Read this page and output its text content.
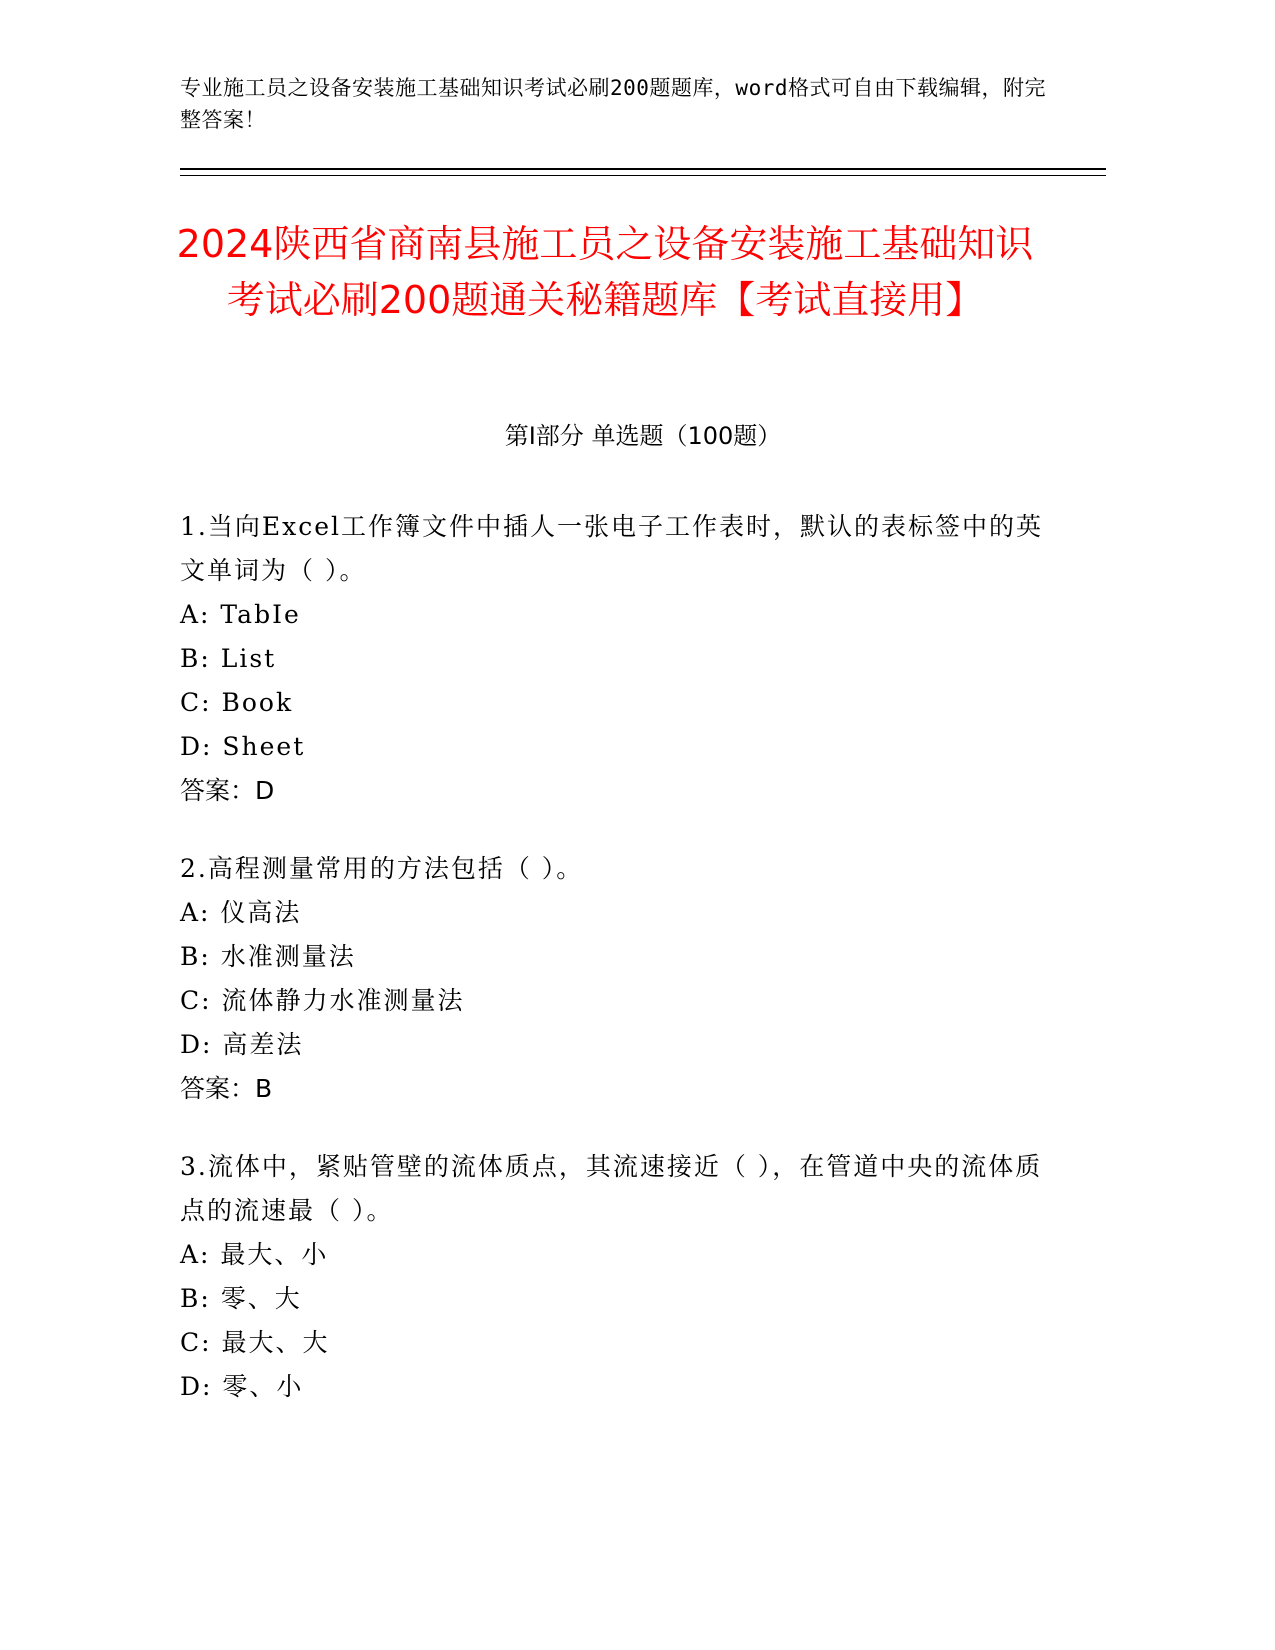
专业施工员之设备安装施工基础知识考试必刷200题题库，word格式可自由下载编辑，附完整答案！
2024陕西省商南县施工员之设备安装施工基础知识考试必刷200题通关秘籍题库【考试直接用】
第I部分 单选题（100题）
1.当向Excel工作簿文件中插人一张电子工作表时，默认的表标签中的英文单词为（ ）。
A: TabIe
B: List
C: Book
D: Sheet
答案：D
2.高程测量常用的方法包括（ ）。
A: 仪高法
B: 水准测量法
C: 流体静力水准测量法
D: 高差法
答案：B
3.流体中，紧贴管壁的流体质点，其流速接近（ ），在管道中央的流体质点的流速最（ ）。
A: 最大、小
B: 零、大
C: 最大、大
D: 零、小
